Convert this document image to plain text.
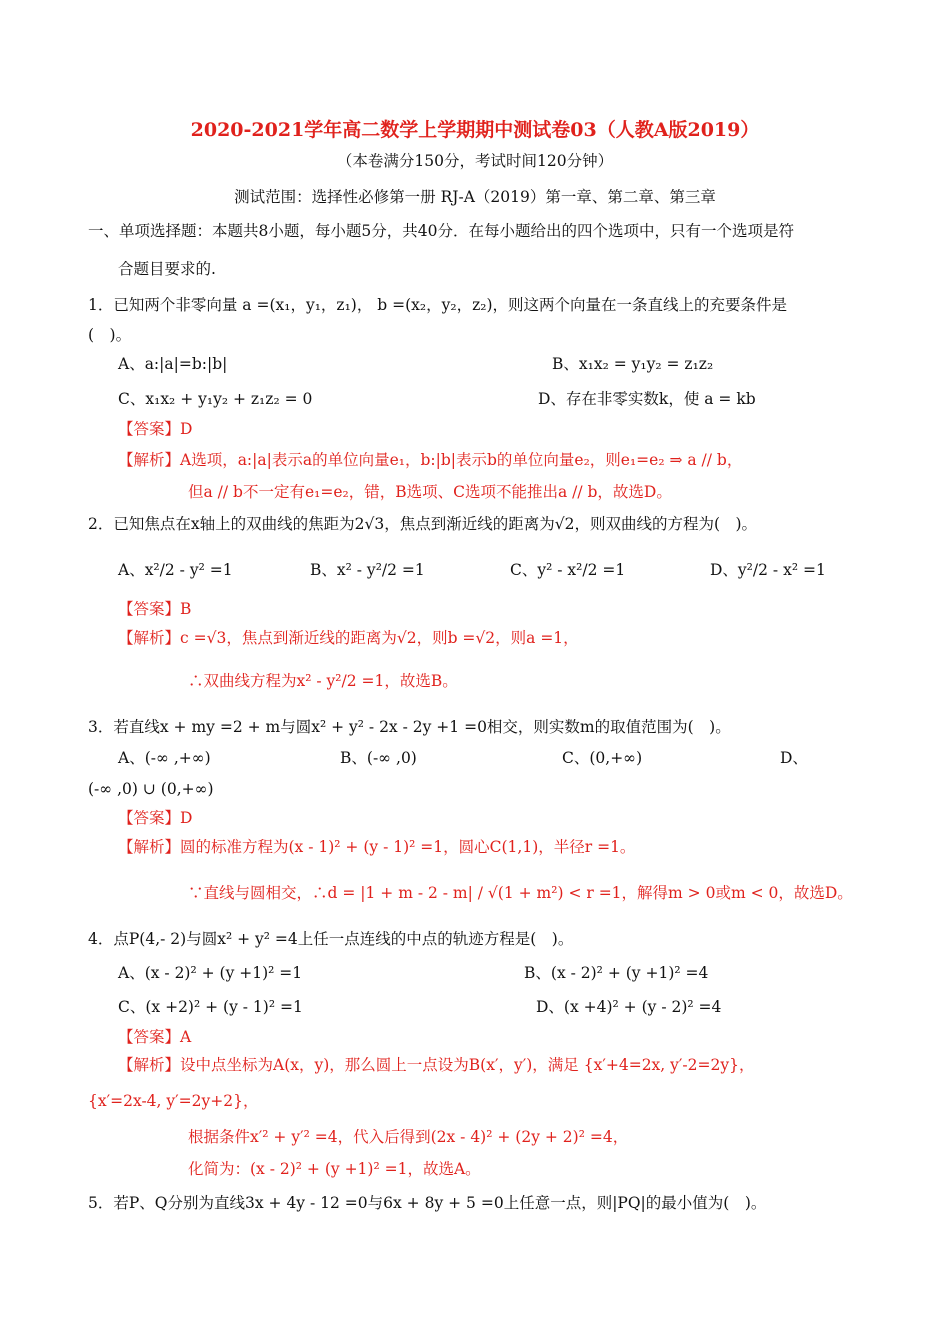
2020-2021学年高二数学上学期期中测试卷03（人教A版2019）
（本卷满分150分，考试时间120分钟）
测试范围：选择性必修第一册 RJ-A（2019）第一章、第二章、第三章
一、单项选择题：本题共8小题，每小题5分，共40分．在每小题给出的四个选项中，只有一个选项是符
合题目要求的.
1．已知两个非零向量 a =(x₁，y₁，z₁)， b =(x₂，y₂，z₂)，则这两个向量在一条直线上的充要条件是
(　)。
A、a:|a|=b:|b|	B、x₁x₂ = y₁y₂ = z₁z₂
C、x₁x₂ + y₁y₂ + z₁z₂ = 0	D、存在非零实数k，使 a = kb
【答案】D
【解析】A选项，a:|a|表示a的单位向量e₁，b:|b|表示b的单位向量e₂，则e₁=e₂ ⇒ a // b，
但a // b不一定有e₁=e₂，错，B选项、C选项不能推出a // b，故选D。
2．已知焦点在x轴上的双曲线的焦距为2√3，焦点到渐近线的距离为√2，则双曲线的方程为(　)。
A、x²/2 - y² =1	B、x² - y²/2 =1	C、y² - x²/2 =1	D、y²/2 - x² =1
【答案】B
【解析】c =√3，焦点到渐近线的距离为√2，则b =√2，则a =1，
∴双曲线方程为x² - y²/2 =1，故选B。
3．若直线x + my =2 + m与圆x² + y² - 2x - 2y +1 =0相交，则实数m的取值范围为(　)。
A、(-∞ ,+∞)	B、(-∞ ,0)	C、(0,+∞)	D、
(-∞ ,0) ∪ (0,+∞)
【答案】D
【解析】圆的标准方程为(x - 1)² + (y - 1)² =1，圆心C(1,1)，半径r =1。
∵直线与圆相交，∴d = |1 + m - 2 - m| / √(1 + m²) < r =1，解得m > 0或m < 0，故选D。
4．点P(4,- 2)与圆x² + y² =4上任一点连线的中点的轨迹方程是(　)。
A、(x - 2)² + (y +1)² =1	B、(x - 2)² + (y +1)² =4
C、(x +2)² + (y - 1)² =1	D、(x +4)² + (y - 2)² =4
【答案】A
【解析】设中点坐标为A(x，y)，那么圆上一点设为B(x′，y′)，满足 {x′+4=2x, y′-2=2y}，
{x′=2x-4, y′=2y+2}，
根据条件x′² + y′² =4，代入后得到(2x - 4)² + (2y + 2)² =4，
化简为：(x - 2)² + (y +1)² =1，故选A。
5．若P、Q分别为直线3x + 4y - 12 =0与6x + 8y + 5 =0上任意一点，则|PQ|的最小值为(　)。
